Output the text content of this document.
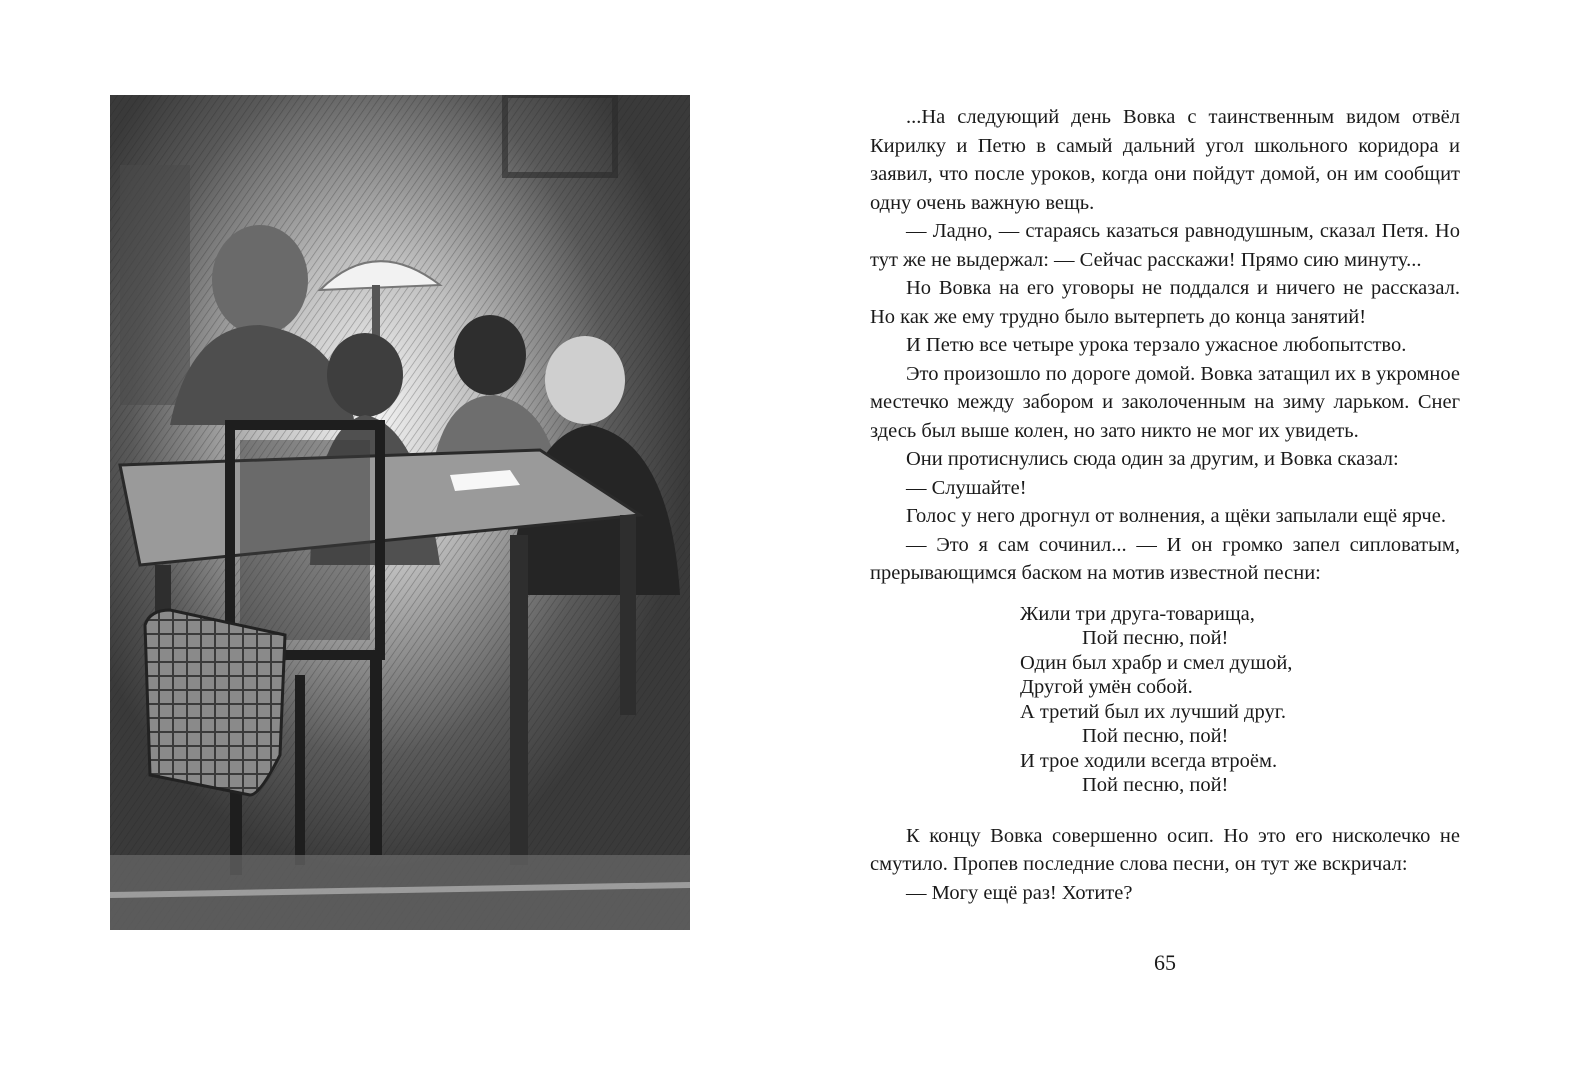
...На следующий день Вовка с таинственным видом отвёл Кирилку и Петю в самый дальний угол школьного коридора и заявил, что после уроков, когда они пойдут домой, он им сообщит одну очень важную вещь.

— Ладно, — стараясь казаться равнодушным, сказал Петя. Но тут же не выдержал: — Сейчас расскажи! Прямо сию минуту...

Но Вовка на его уговоры не поддался и ничего не рассказал. Но как же ему трудно было вытерпеть до конца занятий!

И Петю все четыре урока терзало ужасное любопытство.

Это произошло по дороге домой. Вовка затащил их в укромное местечко между забором и заколоченным на зиму ларьком. Снег здесь был выше колен, но зато никто не мог их увидеть.

Они протиснулись сюда один за другим, и Вовка сказал:

— Слушайте!

Голос у него дрогнул от волнения, а щёки запылали ещё ярче.

— Это я сам сочинил... — И он громко запел сипловатым, прерывающимся баском на мотив известной песни:

Жили три друга-товарища,
Пой песню, пой!
Один был храбр и смел душой,
Другой умён собой.
А третий был их лучший друг.
Пой песню, пой!
И трое ходили всегда втроём.
Пой песню, пой!

К концу Вовка совершенно осип. Но это его нисколечко не смутило. Пропев последние слова песни, он тут же вскричал:

— Могу ещё раз! Хотите?

65
